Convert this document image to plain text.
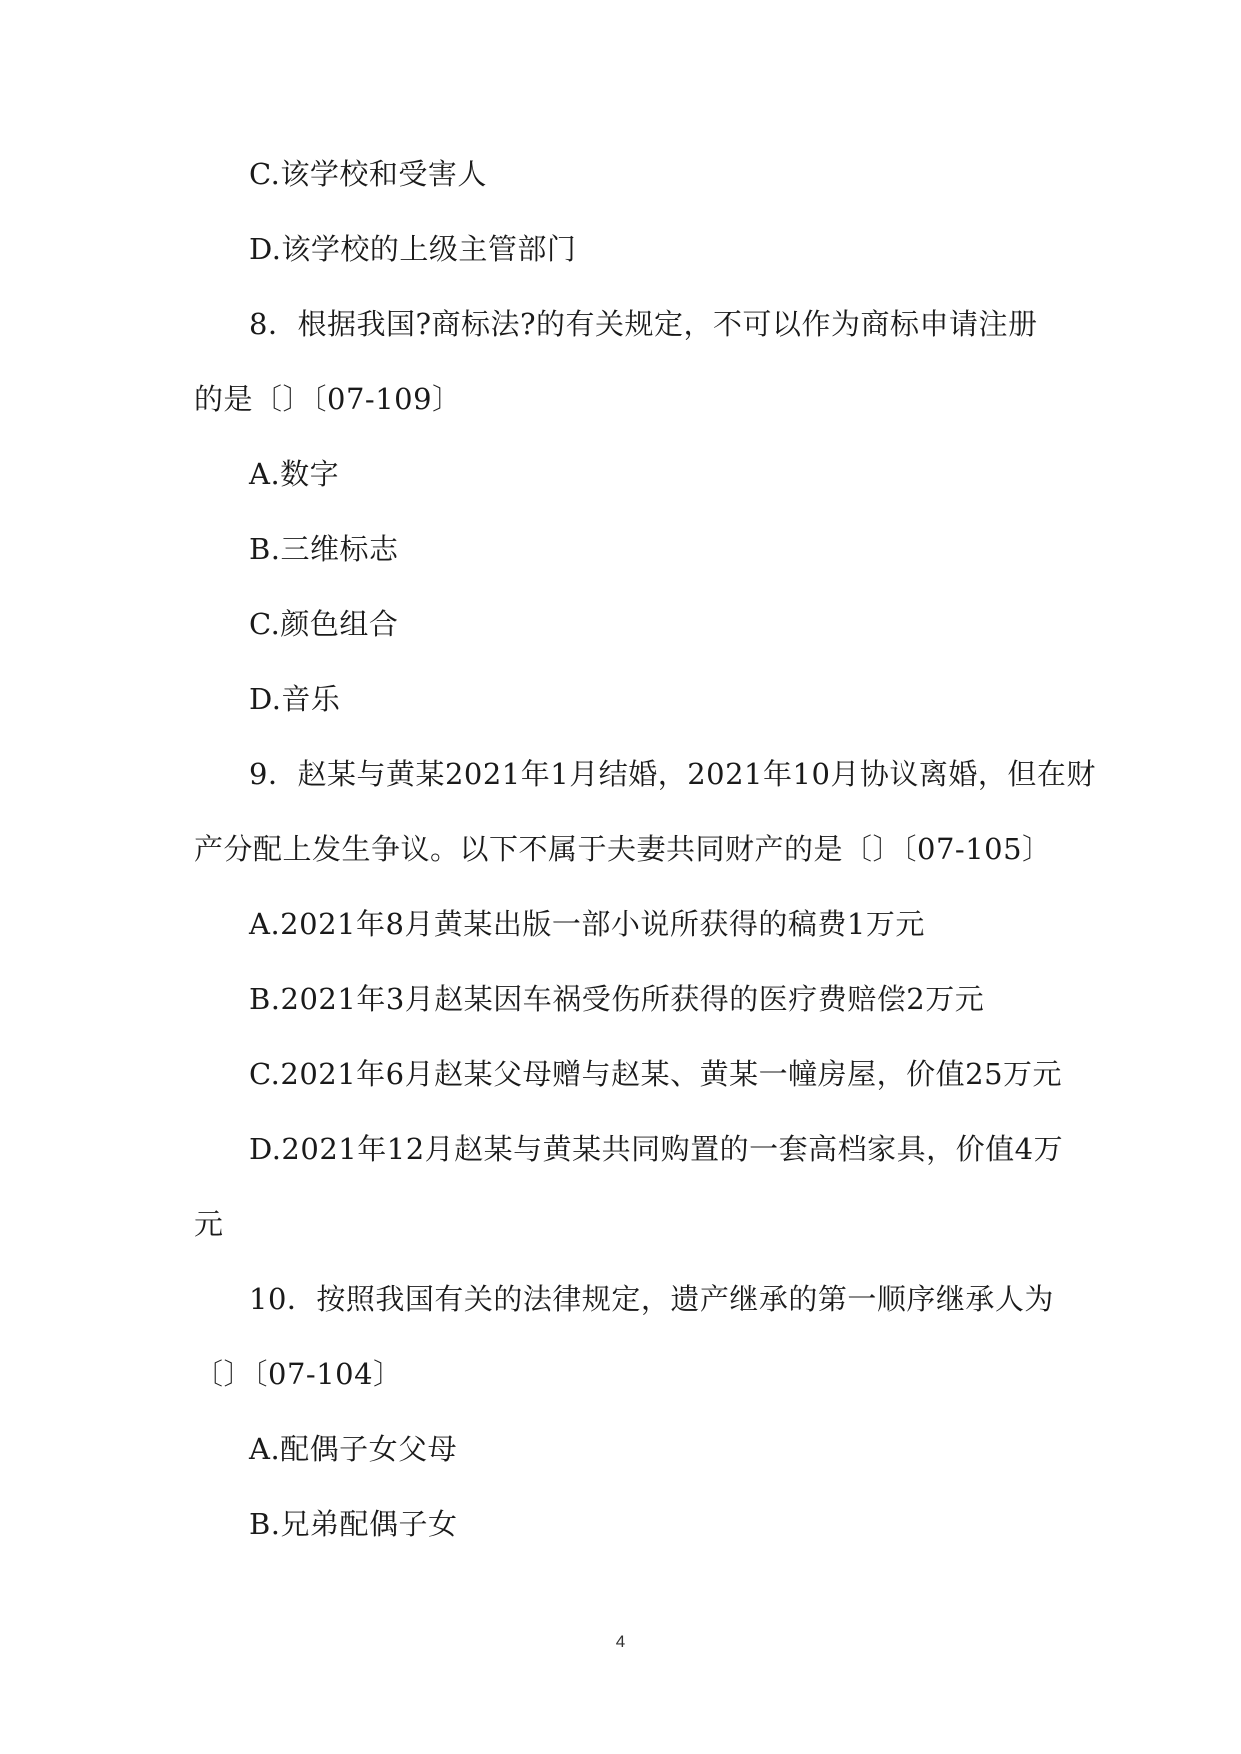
C.该学校和受害人
D.该学校的上级主管部门
8．根据我国?商标法?的有关规定，不可以作为商标申请注册
的是〔〕〔07-109〕
A.数字
B.三维标志
C.颜色组合
D.音乐
9．赵某与黄某2021年1月结婚，2021年10月协议离婚，但在财
产分配上发生争议。以下不属于夫妻共同财产的是〔〕〔07-105〕
A.2021年8月黄某出版一部小说所获得的稿费1万元
B.2021年3月赵某因车祸受伤所获得的医疗费赔偿2万元
C.2021年6月赵某父母赠与赵某、黄某一幢房屋，价值25万元
D.2021年12月赵某与黄某共同购置的一套高档家具，价值4万
元
10．按照我国有关的法律规定，遗产继承的第一顺序继承人为
〔〕〔07-104〕
A.配偶子女父母
B.兄弟配偶子女
4
